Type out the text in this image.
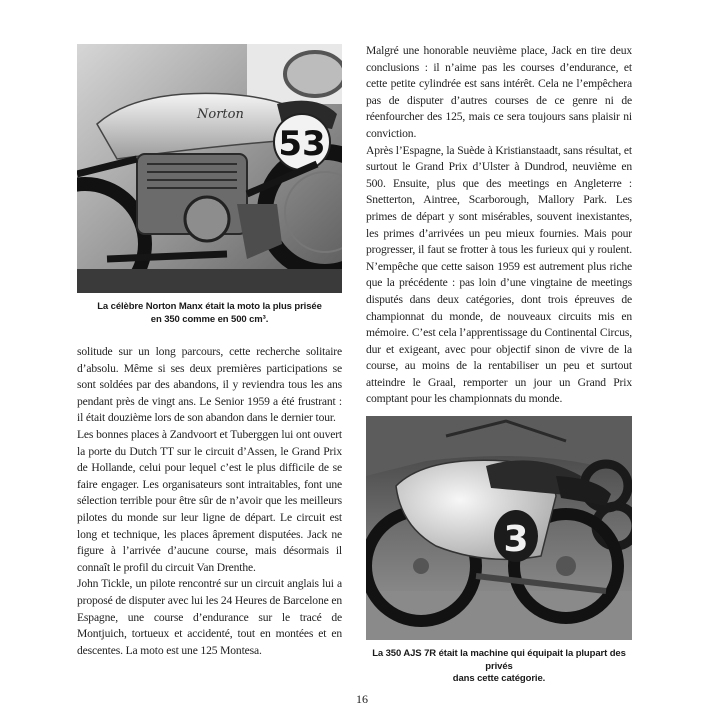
Norton
53
La célèbre Norton Manx était la moto la plus prisée
en 350 comme en 500 cm³.

solitude sur un long parcours, cette recherche solitaire d’absolu. Même si ses deux premières participations se sont soldées par des abandons, il y reviendra tous les ans pendant près de vingt ans. Le Senior 1959 a été frustrant : il était douzième lors de son abandon dans le dernier tour.

Les bonnes places à Zandvoort et Tuberggen lui ont ouvert la porte du Dutch TT sur le circuit d’Assen, le Grand Prix de Hollande, celui pour lequel c’est le plus difficile de se faire engager. Les organisateurs sont intraitables, font une sélection terrible pour être sûr de n’avoir que les meilleurs pilotes du monde sur leur ligne de départ. Le circuit est long et technique, les places âprement disputées. Jack ne figure à l’arrivée d’aucune course, mais désormais il connaît le profil du circuit Van Drenthe.

John Tickle, un pilote rencontré sur un circuit anglais lui a proposé de disputer avec lui les 24 Heures de Barcelone en Espagne, une course d’endurance sur le tracé de Montjuich, tortueux et accidenté, tout en montées et en descentes. La moto est une 125 Montesa.

Malgré une honorable neuvième place, Jack en tire deux conclusions : il n’aime pas les courses d’endurance, et cette petite cylindrée est sans intérêt. Cela ne l’empêchera pas de disputer d’autres courses de ce genre ni de réenfourcher des 125, mais ce sera toujours sans plaisir ni conviction.

Après l’Espagne, la Suède à Kristianstaadt, sans résultat, et surtout le Grand Prix d’Ulster à Dundrod, neuvième en 500. Ensuite, plus que des meetings en Angleterre : Snetterton, Aintree, Scarborough, Mallory Park. Les primes de départ y sont misérables, souvent inexistantes, les primes d’arrivées un peu mieux fournies. Mais pour progresser, il faut se frotter à tous les furieux qui y roulent. N’empêche que cette saison 1959 est autrement plus riche que la précédente : pas loin d’une vingtaine de meetings disputés dans deux catégories, dont trois épreuves de championnat du monde, de nouveaux circuits mis en mémoire. C’est cela l’apprentissage du Continental Circus, dur et exigeant, avec pour objectif sinon de vivre de la course, au moins de la rentabiliser un peu et surtout atteindre le Graal, remporter un jour un Grand Prix comptant pour les championnats du monde.

3
La 350 AJS 7R était la machine qui équipait la plupart des privés
dans cette catégorie.
16
